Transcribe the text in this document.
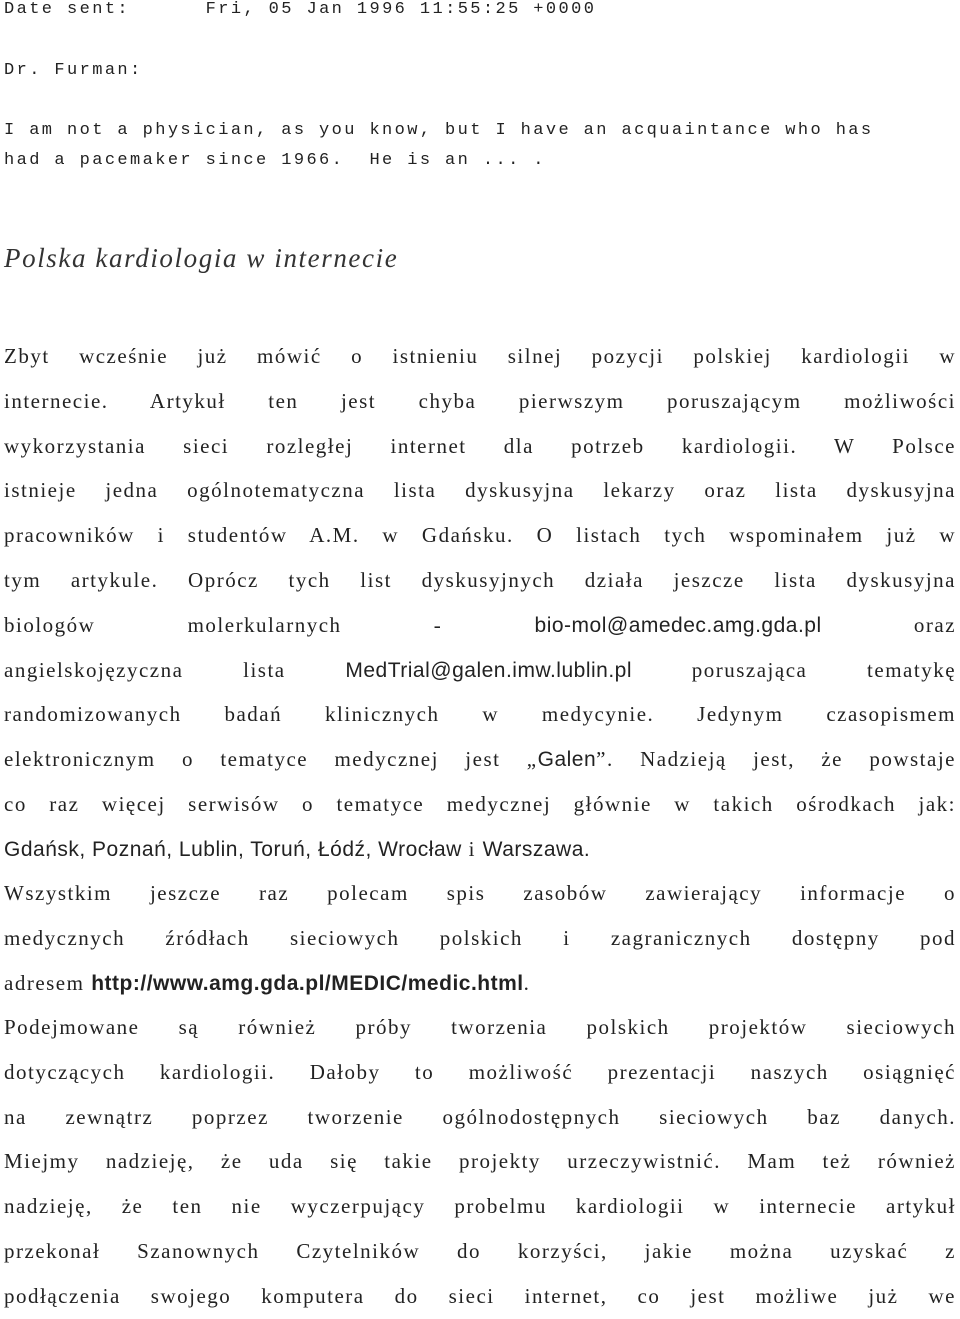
Date sent:	Fri, 05 Jan 1996 11:55:25 +0000

Dr. Furman:

I am not a physician, as you know, but I have an acquaintance who has

had a pacemaker since 1966.  He is an ... .

Polska kardiologia w internecie
Zbyt wcześnie już mówić o istnieniu silnej pozycji polskiej kardiologii w
internecie. Artykuł ten jest chyba pierwszym poruszającym możliwości
wykorzystania sieci rozległej internet dla potrzeb kardiologii. W Polsce
istnieje jedna ogólnotematyczna lista dyskusyjna lekarzy oraz lista dyskusyjna
pracowników i studentów A.M. w Gdańsku. O listach tych wspominałem już w
tym artykule. Oprócz tych list dyskusyjnych działa jeszcze lista dyskusyjna
biologów molerkularnych -	bio-mol@amedec.amg.gda.pl	oraz
angielskojęzyczna lista	MedTrial@galen.imw.lublin.pl	poruszająca tematykę
randomizowanych badań klinicznych w medycynie. Jedynym czasopismem
elektronicznym o tematyce medycznej jest „Galen”. Nadzieją jest, że powstaje
co raz więcej serwisów o tematyce medycznej głównie w takich ośrodkach jak:
Gdańsk, Poznań, Lublin, Toruń, Łódź, Wrocław i Warszawa.
Wszystkim jeszcze raz polecam spis zasobów zawierający informacje o
medycznych źródłach sieciowych polskich i zagranicznych dostępny pod
adresem http://www.amg.gda.pl/MEDIC/medic.html.
Podejmowane są również próby tworzenia polskich projektów sieciowych
dotyczących kardiologii. Dałoby to możliwość prezentacji naszych osiągnięć
na zewnątrz poprzez tworzenie ogólnodostępnych sieciowych baz danych.
Miejmy nadzieję, że uda się takie projekty urzeczywistnić. Mam też również
nadzieję, że ten nie wyczerpujący probelmu kardiologii w internecie artykuł
przekonał Szanownych Czytelników do korzyści, jakie można uzyskać z
podłączenia swojego komputera do sieci internet, co jest możliwe już we
